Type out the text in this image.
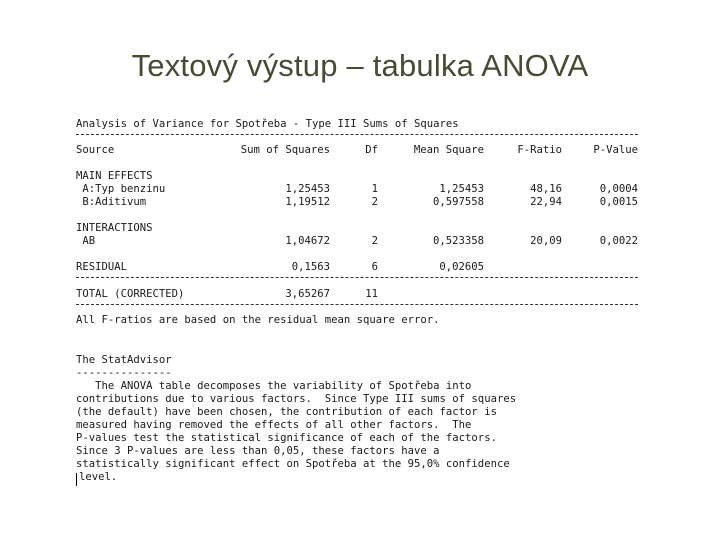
Textový výstup – tabulka ANOVA
Analysis of Variance for Spotřeba - Type III Sums of Squares
Source	Sum of Squares	Df	Mean Square	F-Ratio	P-Value
MAIN EFFECTS
A:Typ benzinu	1,25453	1	1,25453	48,16	0,0004
B:Aditivum	1,19512	2	0,597558	22,94	0,0015
INTERACTIONS
AB	1,04672	2	0,523358	20,09	0,0022
RESIDUAL	0,1563	6	0,02605
TOTAL (CORRECTED)	3,65267	11
All F-ratios are based on the residual mean square error.
The StatAdvisor
---------------
The ANOVA table decomposes the variability of Spotřeba into
contributions due to various factors.  Since Type III sums of squares
(the default) have been chosen, the contribution of each factor is
measured having removed the effects of all other factors.  The
P-values test the statistical significance of each of the factors.
Since 3 P-values are less than 0,05, these factors have a
statistically significant effect on Spotřeba at the 95,0% confidence
level.
